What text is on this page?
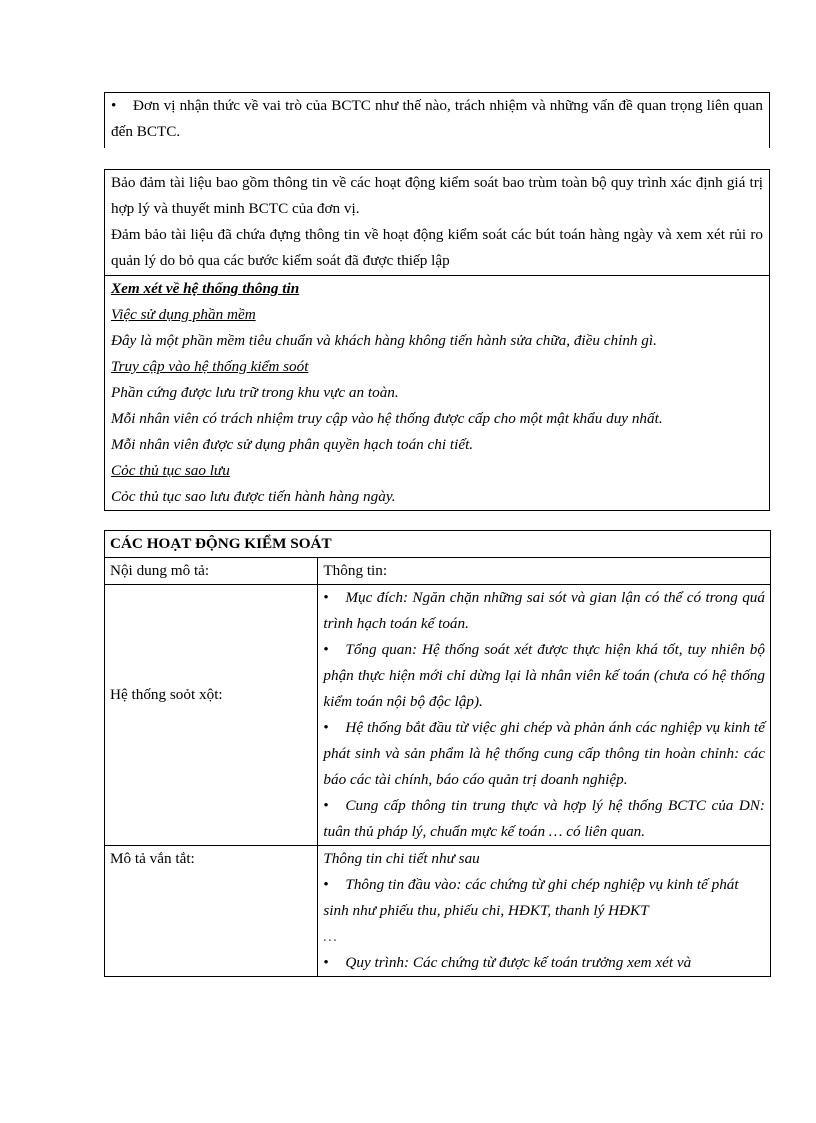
• Đơn vị nhận thức về vai trò của BCTC như thế nào, trách nhiệm và những vấn đề quan trọng liên quan đến BCTC.
Bảo đảm tài liệu bao gồm thông tin về các hoạt động kiểm soát bao trùm toàn bộ quy trình xác định giá trị hợp lý và thuyết minh BCTC của đơn vị.
Đảm bảo tài liệu đã chứa đựng thông tin về hoạt động kiểm soát các bút toán hàng ngày và xem xét rủi ro quản lý do bỏ qua các bước kiểm soát đã được thiếp lập
Xem xét về hệ thống thông tin
Việc sử dụng phần mềm
Đây là một phần mềm tiêu chuẩn và khách hàng không tiến hành sửa chữa, điều chỉnh gì.
Truy cập vào hệ thống kiểm soót
Phần cứng được lưu trữ trong khu vực an toàn.
Mỗi nhân viên có trách nhiệm truy cập vào hệ thống được cấp cho một mật khẩu duy nhất.
Mỗi nhân viên được sử dụng phân quyền hạch toán chi tiết.
Cỏc thủ tục sao lưu
Cỏc thủ tục sao lưu được tiến hành hàng ngày.
CÁC HOẠT ĐỘNG KIỂM SOÁT	
Nội dung mô tả:	Thông tin:
Hệ thống soỏt xột:	• Mục đích: Ngăn chặn những sai sót và gian lận có thể có trong quá trình hạch toán kế toán.
• Tổng quan: Hệ thống soát xét được thực hiện khá tốt, tuy nhiên bộ phận thực hiện mới chỉ dừng lại là nhân viên kế toán (chưa có hệ thống kiểm toán nội bộ độc lập).
• Hệ thống bắt đầu từ việc ghi chép và phản ánh các nghiệp vụ kinh tế phát sinh và sản phẩm là hệ thống cung cấp thông tin hoàn chỉnh: các báo các tài chính, báo cáo quản trị doanh nghiệp.
• Cung cấp thông tin trung thực và hợp lý hệ thống BCTC của DN: tuân thủ pháp lý, chuẩn mực kế toán … có liên quan.

Mô tả vắn tắt:	Thông tin chi tiết như sau
• Thông tin đầu vào: các chứng từ ghi chép nghiệp vụ kinh tế phát sinh như phiếu thu, phiếu chi, HĐKT, thanh lý HĐKT
…
• Quy trình: Các chứng từ được kế toán trưởng xem xét và
